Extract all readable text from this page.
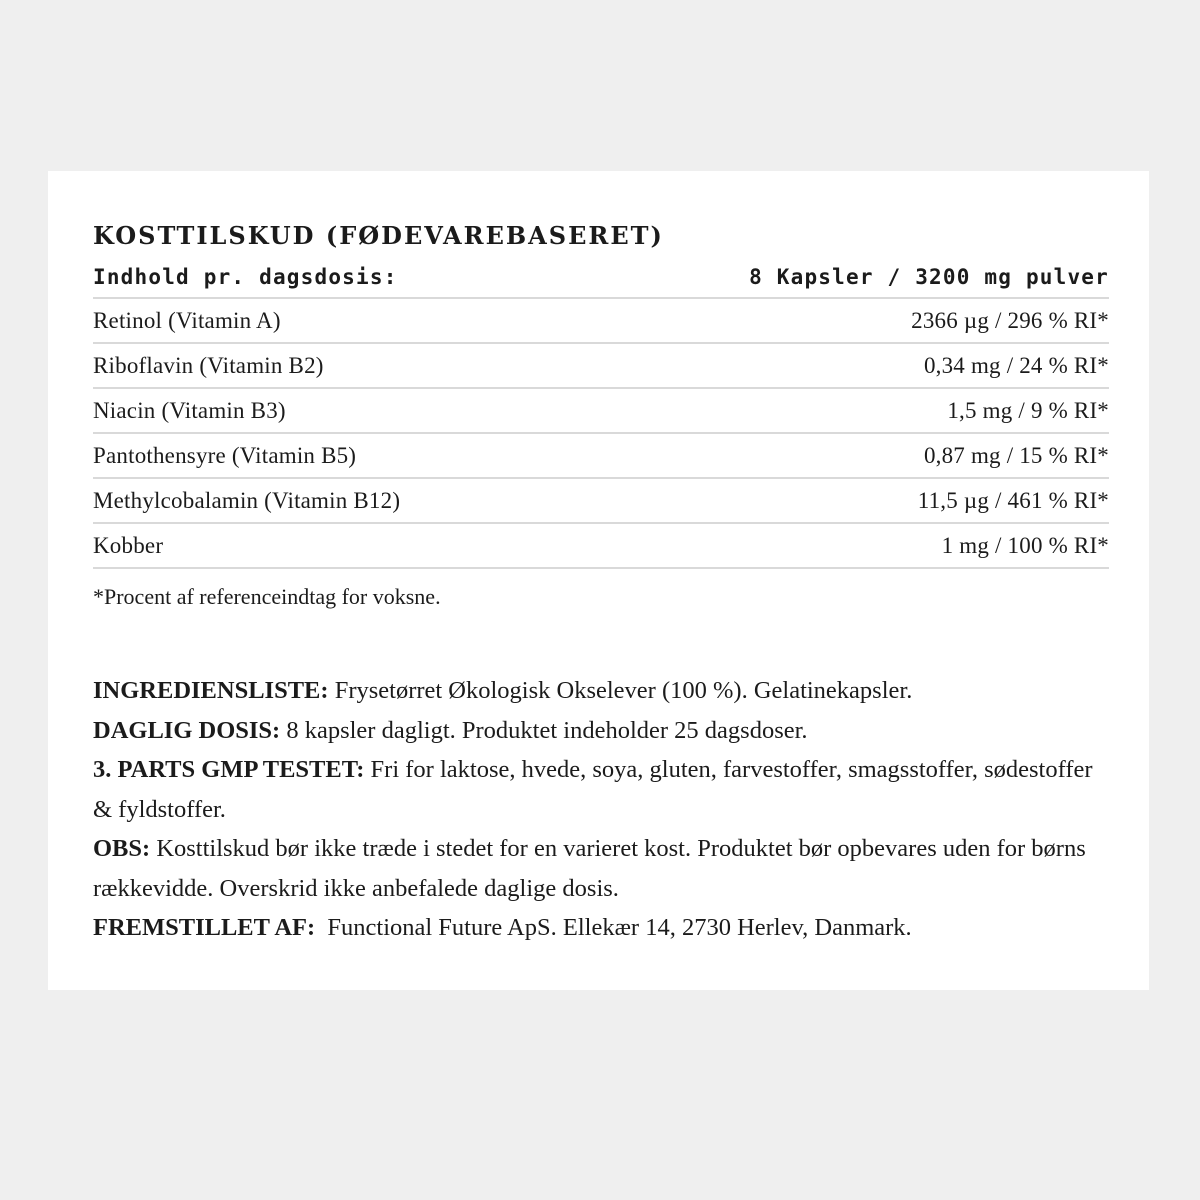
KOSTTILSKUD (FØDEVAREBASERET)
Indhold pr. dagsdosis:	8 Kapsler / 3200 mg pulver
Retinol (Vitamin A)	2366 µg / 296 % RI*
Riboflavin (Vitamin B2)	0,34 mg / 24 % RI*
Niacin (Vitamin B3)	1,5 mg / 9 % RI*
Pantothensyre (Vitamin B5)	0,87 mg / 15 % RI*
Methylcobalamin (Vitamin B12)	11,5 µg / 461 % RI*
Kobber	1 mg / 100 % RI*
*Procent af referenceindtag for voksne.

INGREDIENSLISTE: Frysetørret Økologisk Okselever (100 %). Gelatinekapsler.

DAGLIG DOSIS: 8 kapsler dagligt. Produktet indeholder 25 dagsdoser.

3. PARTS GMP TESTET: Fri for laktose, hvede, soya, gluten, farvestoffer, smagsstoffer, sødestoffer & fyldstoffer.

OBS: Kosttilskud bør ikke træde i stedet for en varieret kost. Produktet bør opbevares uden for børns rækkevidde. Overskrid ikke anbefalede daglige dosis.

FREMSTILLET AF:  Functional Future ApS. Ellekær 14, 2730 Herlev, Danmark.
